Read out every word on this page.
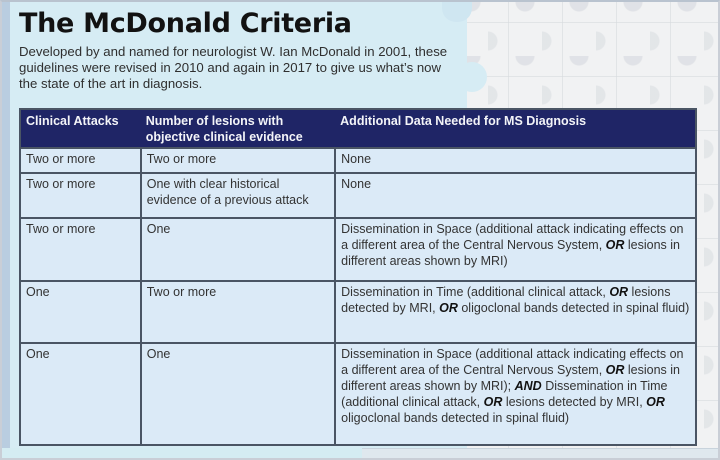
The McDonald Criteria

Developed by and named for neurologist W. Ian McDonald in 2001, these guidelines were revised in 2010 and again in 2017 to give us what’s now the state of the art in diagnosis.

Clinical Attacks	Number of lesions with objective clinical evidence	Additional Data Needed for MS Diagnosis
Two or more	Two or more	None
Two or more	One with clear historical evidence of a previous attack	None
Two or more	One	Dissemination in Space (additional attack indicating effects on a different area of the Central Nervous System, OR lesions in different areas shown by MRI)
One	Two or more	Dissemination in Time (additional clinical attack, OR lesions detected by MRI, OR oligoclonal bands detected in spinal fluid)
One	One	Dissemination in Space (additional attack indicating effects on a different area of the Central Nervous System, OR lesions in different areas shown by MRI); AND Dissemination in Time (additional clinical attack, OR lesions detected by MRI, OR oligoclonal bands detected in spinal fluid)
